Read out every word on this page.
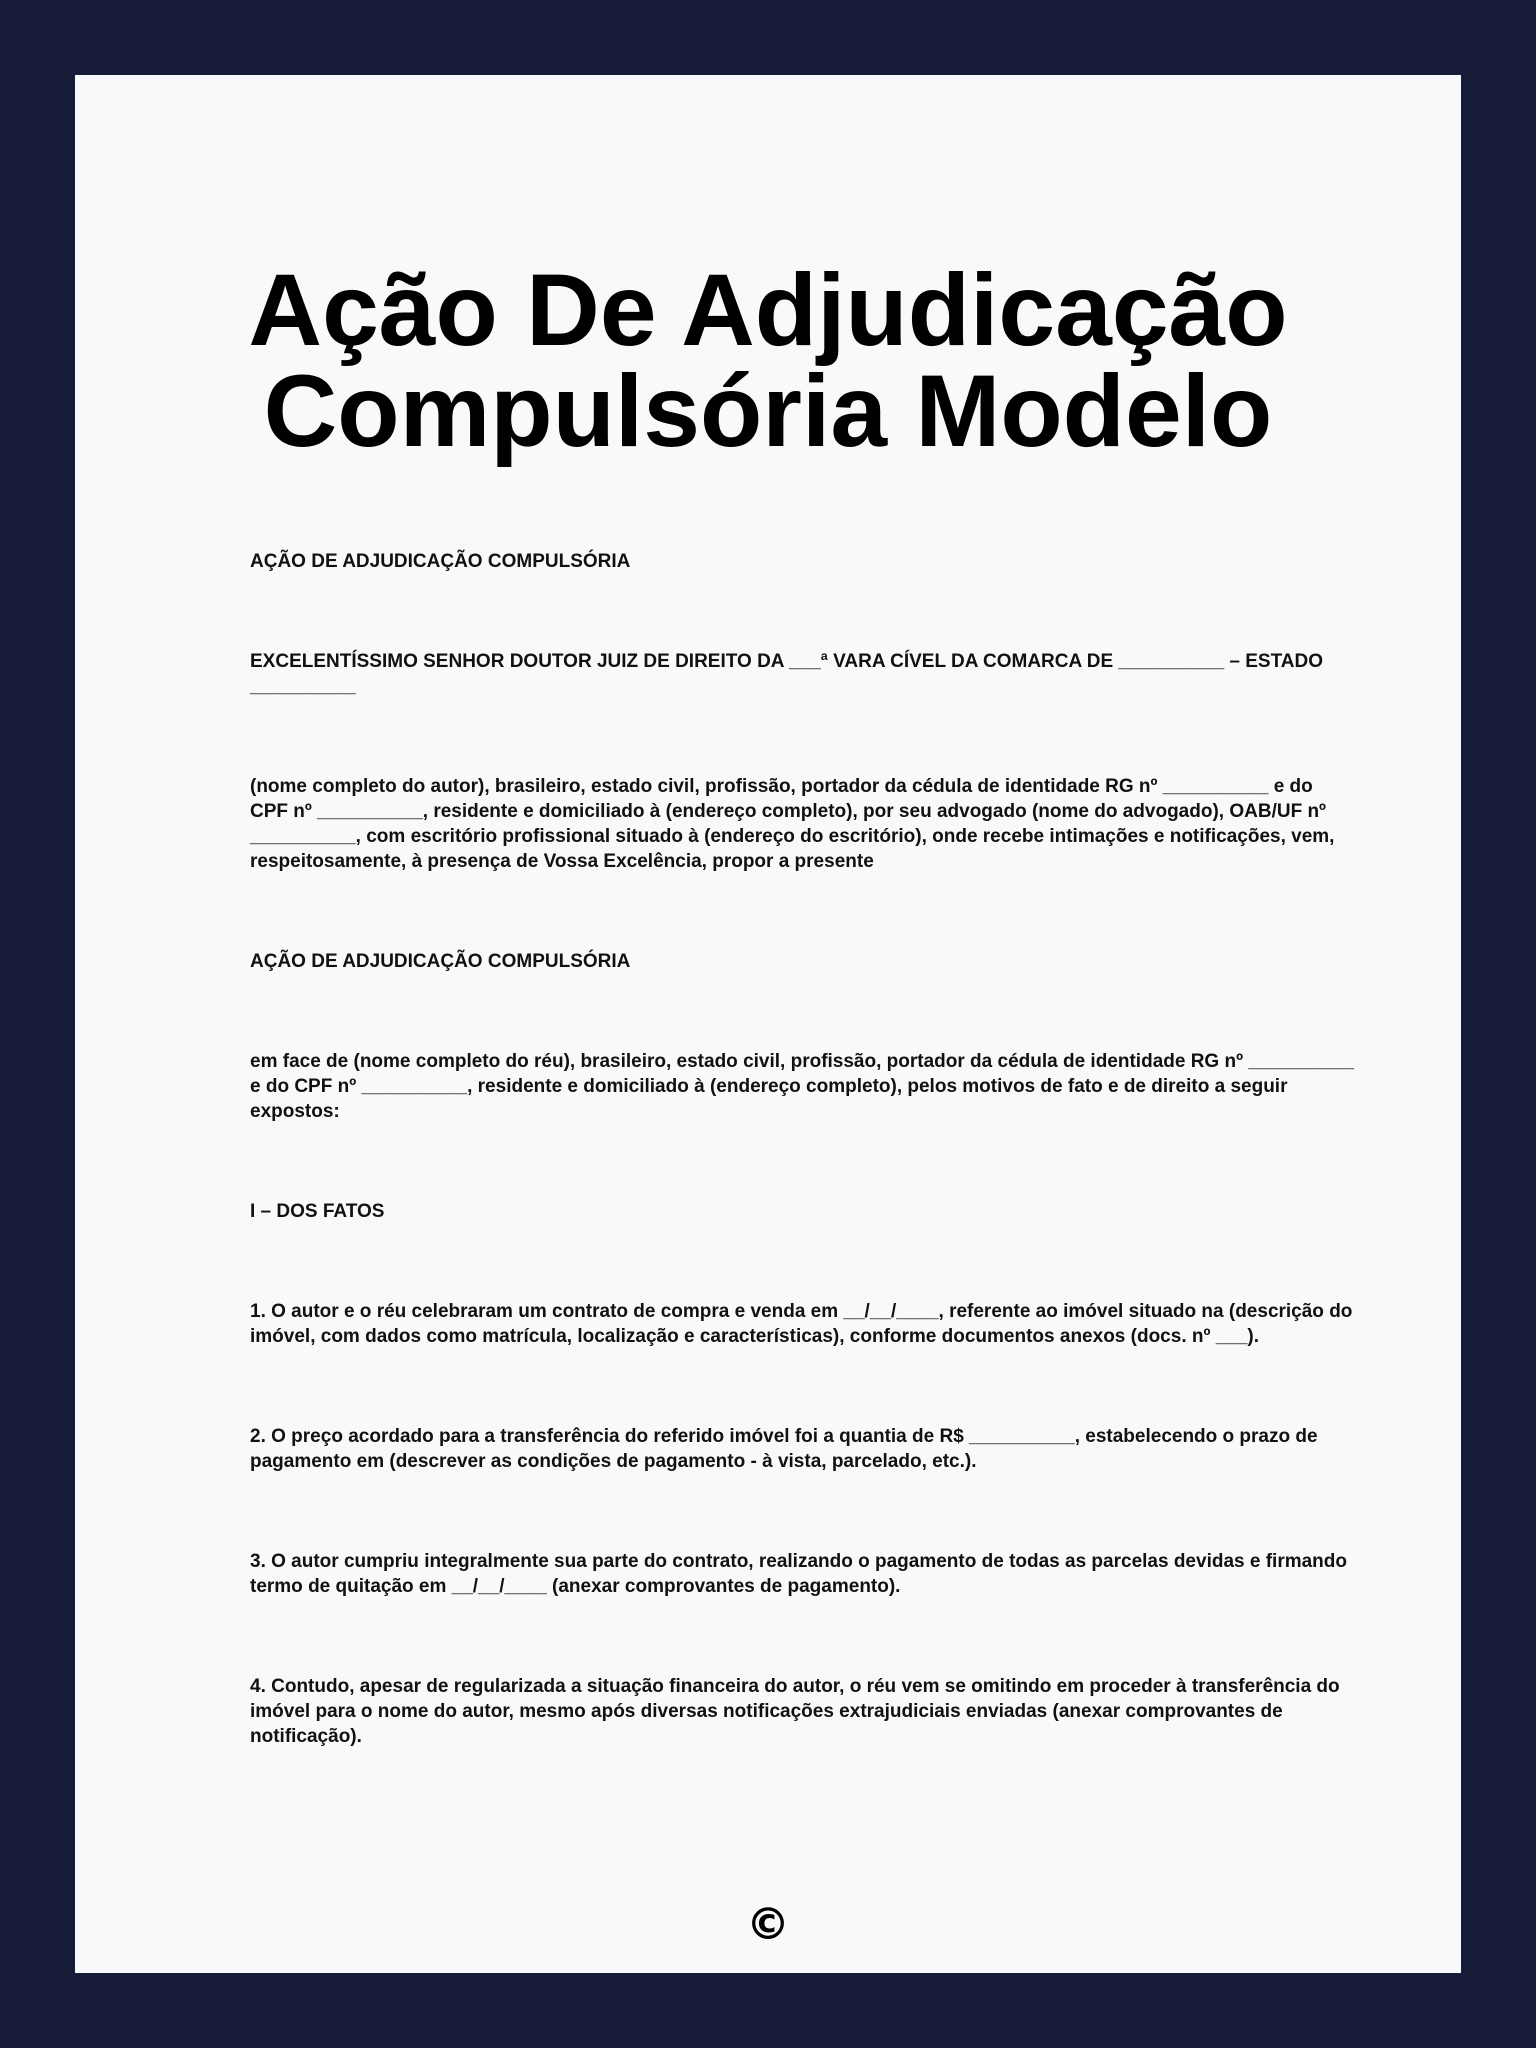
Ação De Adjudicação
Compulsória Modelo

AÇÃO DE ADJUDICAÇÃO COMPULSÓRIA

EXCELENTÍSSIMO SENHOR DOUTOR JUIZ DE DIREITO DA ___ª VARA CÍVEL DA COMARCA DE __________ – ESTADO __________

(nome completo do autor), brasileiro, estado civil, profissão, portador da cédula de identidade RG nº __________ e do CPF nº __________, residente e domiciliado à (endereço completo), por seu advogado (nome do advogado), OAB/UF nº __________, com escritório profissional situado à (endereço do escritório), onde recebe intimações e notificações, vem, respeitosamente, à presença de Vossa Excelência, propor a presente

AÇÃO DE ADJUDICAÇÃO COMPULSÓRIA

em face de (nome completo do réu), brasileiro, estado civil, profissão, portador da cédula de identidade RG nº __________ e do CPF nº __________, residente e domiciliado à (endereço completo), pelos motivos de fato e de direito a seguir expostos:

I – DOS FATOS

1. O autor e o réu celebraram um contrato de compra e venda em __/__/____, referente ao imóvel situado na (descrição do imóvel, com dados como matrícula, localização e características), conforme documentos anexos (docs. nº ___).

2. O preço acordado para a transferência do referido imóvel foi a quantia de R$ __________, estabelecendo o prazo de pagamento em (descrever as condições de pagamento - à vista, parcelado, etc.).

3. O autor cumpriu integralmente sua parte do contrato, realizando o pagamento de todas as parcelas devidas e firmando termo de quitação em __/__/____ (anexar comprovantes de pagamento).

4. Contudo, apesar de regularizada a situação financeira do autor, o réu vem se omitindo em proceder à transferência do imóvel para o nome do autor, mesmo após diversas notificações extrajudiciais enviadas (anexar comprovantes de notificação).

©
